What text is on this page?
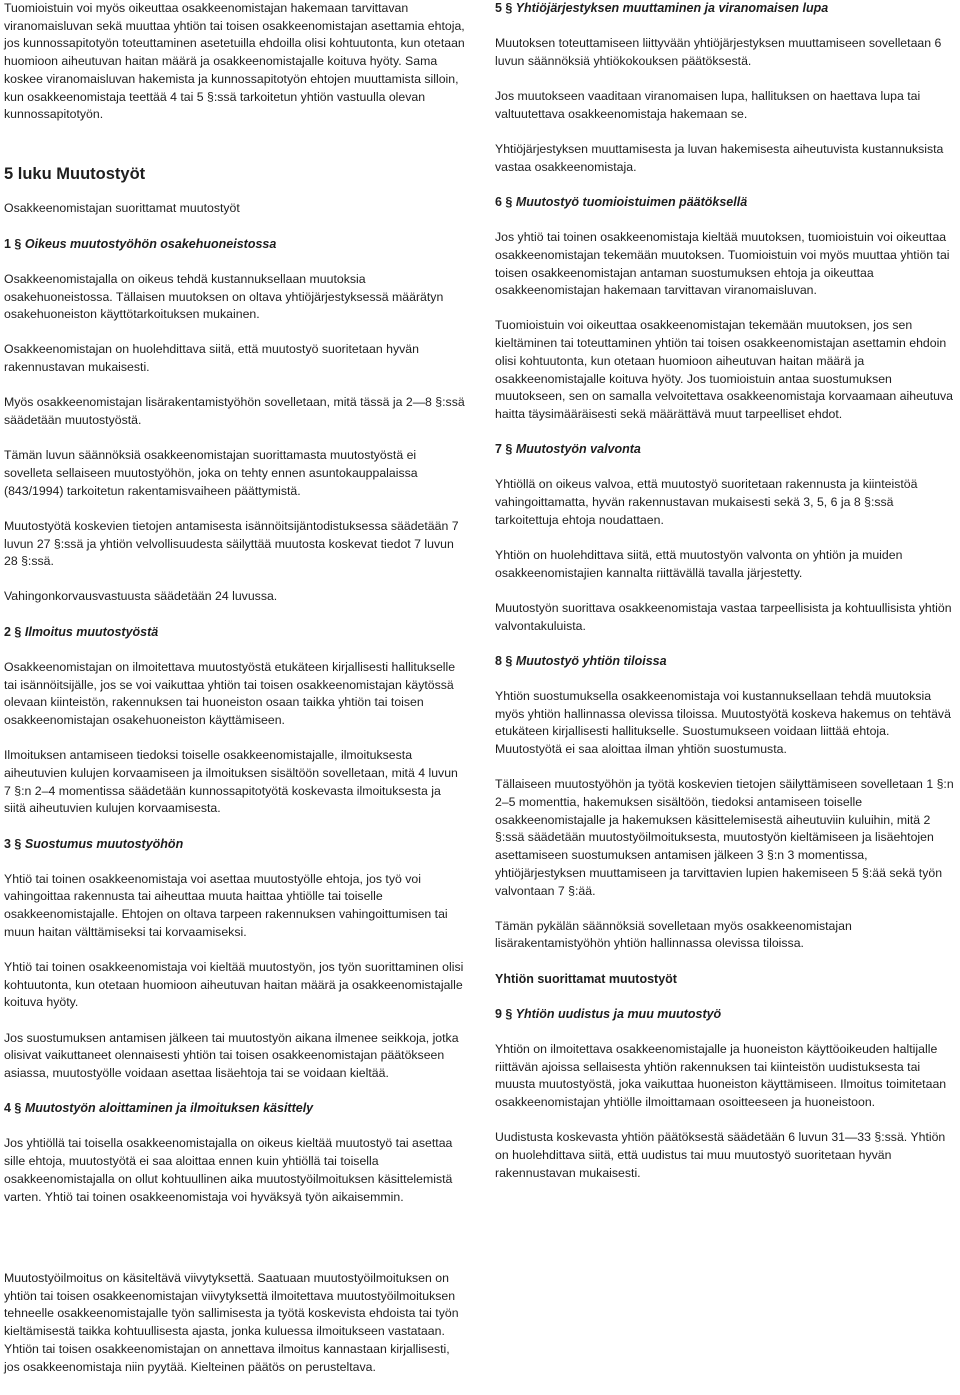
Tuomioistuin voi myös oikeuttaa osakkeenomistajan hakemaan tarvittavan viranomaisluvan sekä muuttaa yhtiön tai toisen osakkeenomistajan asettamia ehtoja, jos kunnossapitotyön toteuttaminen asetetuilla ehdoilla olisi kohtuutonta, kun otetaan huomioon aiheutuvan haitan määrä ja osakkeenomistajalle koituva hyöty. Sama koskee viranomaisluvan hakemista ja kunnossapitotyön ehtojen muuttamista silloin, kun osakkeenomistaja teettää 4 tai 5 §:ssä tarkoitetun yhtiön vastuulla olevan kunnossapitotyön.

5 luku Muutostyöt

Osakkeenomistajan suorittamat muutostyöt

1 § Oikeus muutostyöhön osakehuoneistossa

Osakkeenomistajalla on oikeus tehdä kustannuksellaan muutoksia osakehuoneistossa. Tällaisen muutoksen on oltava yhtiöjärjestyksessä määrätyn osakehuoneiston käyttötarkoituksen mukainen.

Osakkeenomistajan on huolehdittava siitä, että muutostyö suoritetaan hyvän rakennustavan mukaisesti.

Myös osakkeenomistajan lisärakentamistyöhön sovelletaan, mitä tässä ja 2—8 §:ssä säädetään muutostyöstä.

Tämän luvun säännöksiä osakkeenomistajan suorittamasta muutostyöstä ei sovelleta sellaiseen muutostyöhön, joka on tehty ennen asuntokauppalaissa (843/1994) tarkoitetun rakentamisvaiheen päättymistä.

Muutostyötä koskevien tietojen antamisesta isännöitsijäntodistuksessa säädetään 7 luvun 27 §:ssä ja yhtiön velvollisuudesta säilyttää muutosta koskevat tiedot 7 luvun 28 §:ssä.

Vahingonkorvausvastuusta säädetään 24 luvussa.

2 § Ilmoitus muutostyöstä

Osakkeenomistajan on ilmoitettava muutostyöstä etukäteen kirjallisesti hallitukselle tai isännöitsijälle, jos se voi vaikuttaa yhtiön tai toisen osakkeenomistajan käytössä olevaan kiinteistön, rakennuksen tai huoneiston osaan taikka yhtiön tai toisen osakkeenomistajan osakehuoneiston käyttämiseen.

Ilmoituksen antamiseen tiedoksi toiselle osakkeenomistajalle, ilmoituksesta aiheutuvien kulujen korvaamiseen ja ilmoituksen sisältöön sovelletaan, mitä 4 luvun 7 §:n 2–4 momentissa säädetään kunnossapitotyötä koskevasta ilmoituksesta ja siitä aiheutuvien kulujen korvaamisesta.

3 § Suostumus muutostyöhön

Yhtiö tai toinen osakkeenomistaja voi asettaa muutostyölle ehtoja, jos työ voi vahingoittaa rakennusta tai aiheuttaa muuta haittaa yhtiölle tai toiselle osakkeenomistajalle. Ehtojen on oltava tarpeen rakennuksen vahingoittumisen tai muun haitan välttämiseksi tai korvaamiseksi.

Yhtiö tai toinen osakkeenomistaja voi kieltää muutostyön, jos työn suorittaminen olisi kohtuutonta, kun otetaan huomioon aiheutuvan haitan määrä ja osakkeenomistajalle koituva hyöty.

Jos suostumuksen antamisen jälkeen tai muutostyön aikana ilmenee seikkoja, jotka olisivat vaikuttaneet olennaisesti yhtiön tai toisen osakkeenomistajan päätökseen asiassa, muutostyölle voidaan asettaa lisäehtoja tai se voidaan kieltää.

4 § Muutostyön aloittaminen ja ilmoituksen käsittely

Jos yhtiöllä tai toisella osakkeenomistajalla on oikeus kieltää muutostyö tai asettaa sille ehtoja, muutostyötä ei saa aloittaa ennen kuin yhtiöllä tai toisella osakkeenomistajalla on ollut kohtuullinen aika muutostyöilmoituksen käsittelemistä varten. Yhtiö tai toinen osakkeenomistaja voi hyväksyä työn aikaisemmin.

Muutostyöilmoitus on käsiteltävä viivytyksettä. Saatuaan muutostyöilmoituksen on yhtiön tai toisen osakkeenomistajan viivytyksettä ilmoitettava muutostyöilmoituksen tehneelle osakkeenomistajalle työn sallimisesta ja työtä koskevista ehdoista tai työn kieltämisestä taikka kohtuullisesta ajasta, jonka kuluessa ilmoitukseen vastataan. Yhtiön tai toisen osakkeenomistajan on annettava ilmoitus kannastaan kirjallisesti, jos osakkeenomistaja niin pyytää. Kielteinen päätös on perusteltava.

5 § Yhtiöjärjestyksen muuttaminen ja viranomaisen lupa

Muutoksen toteuttamiseen liittyvään yhtiöjärjestyksen muuttamiseen sovelletaan 6 luvun säännöksiä yhtiökokouksen päätöksestä.

Jos muutokseen vaaditaan viranomaisen lupa, hallituksen on haettava lupa tai valtuutettava osakkeenomistaja hakemaan se.

Yhtiöjärjestyksen muuttamisesta ja luvan hakemisesta aiheutuvista kustannuksista vastaa osakkeenomistaja.

6 § Muutostyö tuomioistuimen päätöksellä

Jos yhtiö tai toinen osakkeenomistaja kieltää muutoksen, tuomioistuin voi oikeuttaa osakkeenomistajan tekemään muutoksen. Tuomioistuin voi myös muuttaa yhtiön tai toisen osakkeenomistajan antaman suostumuksen ehtoja ja oikeuttaa osakkeenomistajan hakemaan tarvittavan viranomaisluvan.

Tuomioistuin voi oikeuttaa osakkeenomistajan tekemään muutoksen, jos sen kieltäminen tai toteuttaminen yhtiön tai toisen osakkeenomistajan asettamin ehdoin olisi kohtuutonta, kun otetaan huomioon aiheutuvan haitan määrä ja osakkeenomistajalle koituva hyöty. Jos tuomioistuin antaa suostumuksen muutokseen, sen on samalla velvoitettava osakkeenomistaja korvaamaan aiheutuva haitta täysimääräisesti sekä määrättävä muut tarpeelliset ehdot.

7 § Muutostyön valvonta

Yhtiöllä on oikeus valvoa, että muutostyö suoritetaan rakennusta ja kiinteistöä vahingoittamatta, hyvän rakennustavan mukaisesti sekä 3, 5, 6 ja 8 §:ssä tarkoitettuja ehtoja noudattaen.

Yhtiön on huolehdittava siitä, että muutostyön valvonta on yhtiön ja muiden osakkeenomistajien kannalta riittävällä tavalla järjestetty.

Muutostyön suorittava osakkeenomistaja vastaa tarpeellisista ja kohtuullisista yhtiön valvontakuluista.

8 § Muutostyö yhtiön tiloissa

Yhtiön suostumuksella osakkeenomistaja voi kustannuksellaan tehdä muutoksia myös yhtiön hallinnassa olevissa tiloissa. Muutostyötä koskeva hakemus on tehtävä etukäteen kirjallisesti hallitukselle. Suostumukseen voidaan liittää ehtoja. Muutostyötä ei saa aloittaa ilman yhtiön suostumusta.

Tällaiseen muutostyöhön ja työtä koskevien tietojen säilyttämiseen sovelletaan 1 §:n 2–5 momenttia, hakemuksen sisältöön, tiedoksi antamiseen toiselle osakkeenomistajalle ja hakemuksen käsittelemisestä aiheutuviin kuluihin, mitä 2 §:ssä säädetään muutostyöilmoituksesta, muutostyön kieltämiseen ja lisäehtojen asettamiseen suostumuksen antamisen jälkeen 3 §:n 3 momentissa, yhtiöjärjestyksen muuttamiseen ja tarvittavien lupien hakemiseen 5 §:ää sekä työn valvontaan 7 §:ää.

Tämän pykälän säännöksiä sovelletaan myös osakkeenomistajan lisärakentamistyöhön yhtiön hallinnassa olevissa tiloissa.

Yhtiön suorittamat muutostyöt
9 § Yhtiön uudistus ja muu muutostyö

Yhtiön on ilmoitettava osakkeenomistajalle ja huoneiston käyttöoikeuden haltijalle riittävän ajoissa sellaisesta yhtiön rakennuksen tai kiinteistön uudistuksesta tai muusta muutostyöstä, joka vaikuttaa huoneiston käyttämiseen. Ilmoitus toimitetaan osakkeenomistajan yhtiölle ilmoittamaan osoitteeseen ja huoneistoon.

Uudistusta koskevasta yhtiön päätöksestä säädetään 6 luvun 31—33 §:ssä. Yhtiön on huolehdittava siitä, että uudistus tai muu muutostyö suoritetaan hyvän rakennustavan mukaisesti.
